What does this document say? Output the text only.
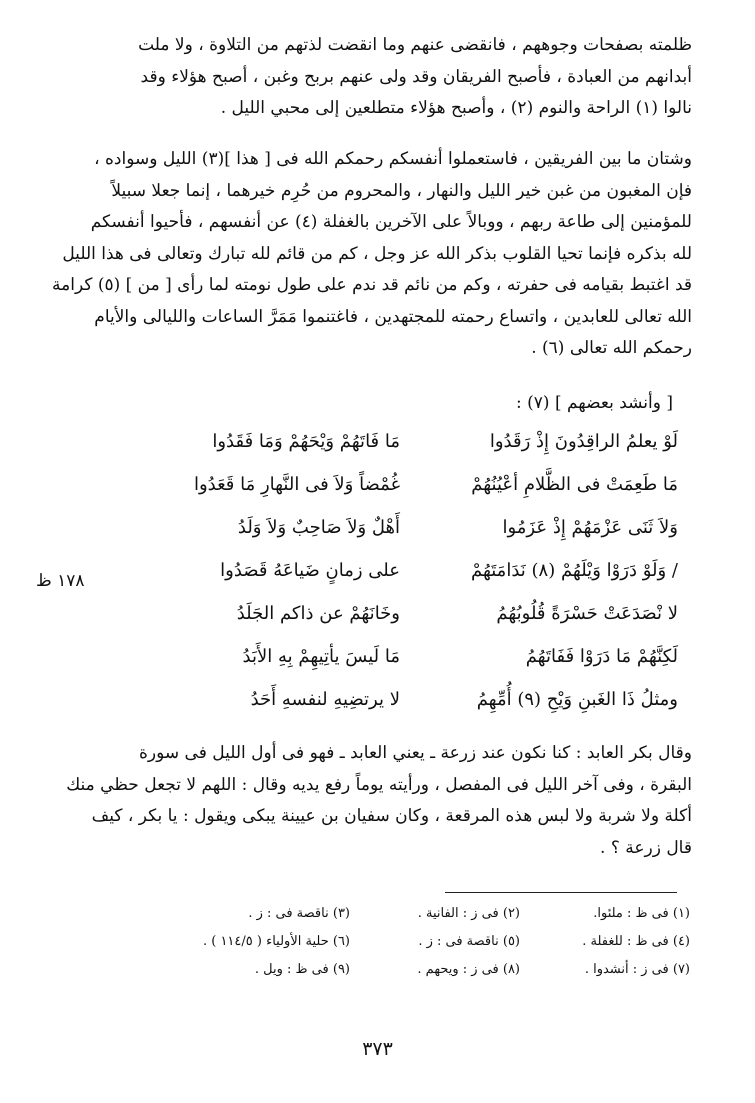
ظلمته بصفحات وجوههم ، فانقضى عنهم وما انقضت لذتهم من التلاوة ، ولا ملت
أبدانهم من العبادة ، فأصبح الفريقان وقد ولى عنهم بربح وغبن ، أصبح هؤلاء وقد
نالوا (١) الراحة والنوم (٢) ، وأصبح هؤلاء متطلعين إلى محبي الليل .
وشتان ما بين الفريقين ، فاستعملوا أنفسكم رحمكم الله فى [ هذا ](٣) الليل وسواده ،
فإن المغبون من غبن خير الليل والنهار ، والمحروم من حُرِم خيرهما ، إنما جعلا سبيلاً
للمؤمنين إلى طاعة ربهم ، ووبالاً على الآخرين بالغفلة (٤) عن أنفسهم ، فأحيوا أنفسكم
لله بذكره فإنما تحيا القلوب بذكر الله عز وجل ، كم من قائم لله تبارك وتعالى فى هذا الليل
قد اغتبط بقيامه فى حفرته ، وكم من نائم قد ندم على طول نومته لما رأى [ من ] (٥) كرامة
الله تعالى للعابدين ، واتساع رحمته للمجتهدين ، فاغتنموا مَمَرَّ الساعات والليالى والأيام
رحمكم الله تعالى (٦) .
[ وأنشد بعضهم ] (٧) :
لَوْ يعلمُ الراقِدُونَ إِذْ رَقَدُوا
مَا فَاتَهُمْ وَيْحَهُمْ وَمَا فَقَدُوا
مَا طَعِمَتْ فى الظَّلامِ أعْيُنُهُمْ
غُمْضاً وَلاَ فى النَّهارِ مَا قَعَدُوا
وَلاَ ثَنَى عَزْمَهُمْ إِذْ عَزَمُوا
أَهْلٌ وَلاَ صَاحِبٌ وَلاَ وَلَدُ
/ وَلَوْ دَرَوْا وَيْلَهُمْ (٨) نَدَامَتَهُمْ
على زمانٍ ضَياعَهُ قَصَدُوا
لا نْصَدَعَتْ حَسْرَةً قُلُوبُهُمُ
وخَانَهُمْ عن ذاكم الجَلَدُ
لَكِنَّهُمْ مَا دَرَوْا فَفَاتَهُمُ
مَا لَيسَ يأتِيهِمْ بِهِ الأَبَدُ
ومثلُ ذَا الغَبنِ وَيْحِ (٩) أُمِّهِمُ
لا يرتضِيهِ لنفسهِ أَحَدُ
١٧٨ ظ
وقال بكر العابد : كنا نكون عند زرعة ـ يعني العابد ـ فهو فى أول الليل فى سورة
البقرة ، وفى آخر الليل فى المفصل ، ورأيته يوماً رفع يديه وقال : اللهم لا تجعل حظي منك
أكلة ولا شربة ولا لبس هذه المرقعة ، وكان سفيان بن عيينة يبكى ويقول : يا بكر ، كيف
قال زرعة ؟ .
(١) فى ظ : ملئوا.
(٢) فى ز : الفانية .
(٣) ناقصة فى : ز .
(٤) فى ظ : للغفلة .
(٥) ناقصة فى : ز .
(٦) حلية الأولياء ( ١١٤/٥ ) .
(٧) فى ز : أنشدوا .
(٨) فى ز : ويحهم .
(٩) فى ظ : ويل .
٣٧٣
